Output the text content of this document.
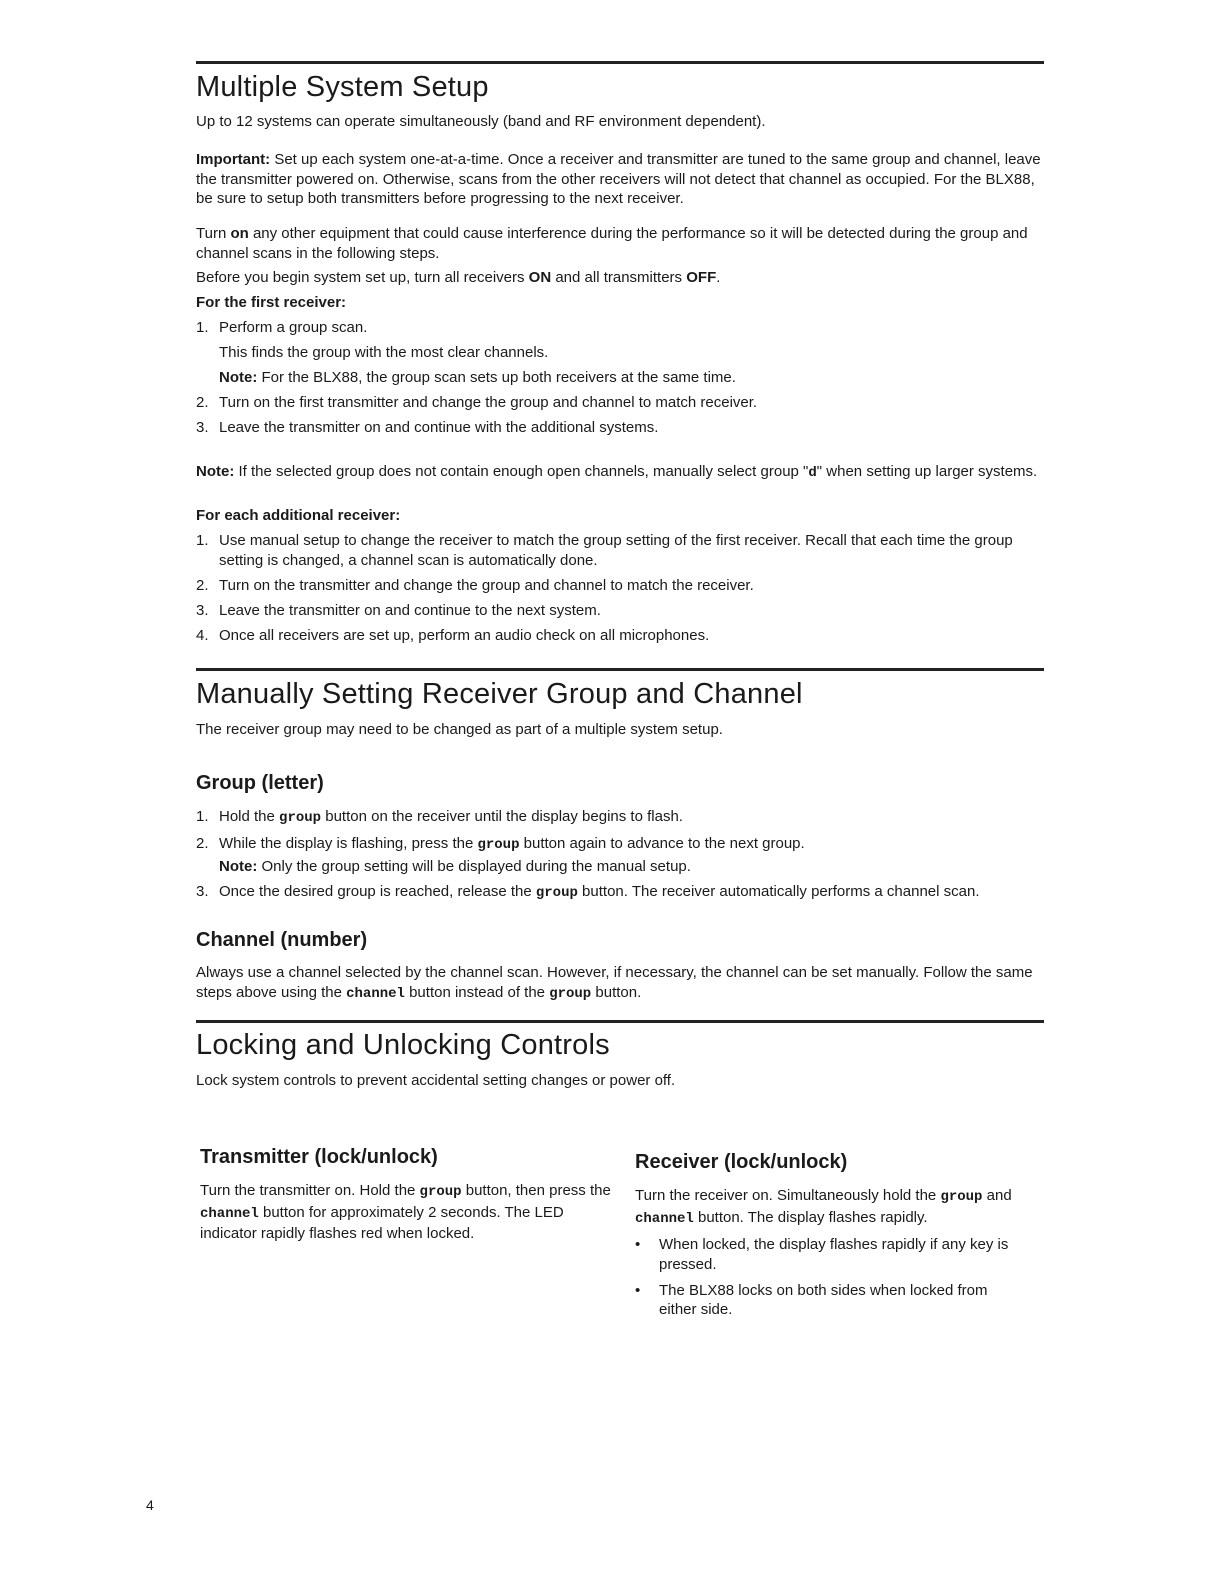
Multiple System Setup

Up to 12 systems can operate simultaneously (band and RF environment dependent).

Important: Set up each system one-at-a-time. Once a receiver and transmitter are tuned to the same group and channel, leave the transmitter powered on. Otherwise, scans from the other receivers will not detect that channel as occupied. For the BLX88, be sure to setup both transmitters before progressing to the next receiver.

Turn on any other equipment that could cause interference during the performance so it will be detected during the group and channel scans in the following steps.

Before you begin system set up, turn all receivers ON and all transmitters OFF.

For the first receiver:

1. Perform a group scan.

This finds the group with the most clear channels.

Note: For the BLX88, the group scan sets up both receivers at the same time.

2. Turn on the first transmitter and change the group and channel to match receiver.
3. Leave the transmitter on and continue with the additional systems.

Note: If the selected group does not contain enough open channels, manually select group "d" when setting up larger systems.

For each additional receiver:

1. Use manual setup to change the receiver to match the group setting of the first receiver. Recall that each time the group setting is changed, a channel scan is automatically done.
2. Turn on the transmitter and change the group and channel to match the receiver.
3. Leave the transmitter on and continue to the next system.
4. Once all receivers are set up, perform an audio check on all microphones.
Manually Setting Receiver Group and Channel

The receiver group may need to be changed as part of a multiple system setup.

Group (letter)
1. Hold the group button on the receiver until the display begins to flash.
2. While the display is flashing, press the group button again to advance to the next group.

Note: Only the group setting will be displayed during the manual setup.

3. Once the desired group is reached, release the group button. The receiver automatically performs a channel scan.
Channel (number)

Always use a channel selected by the channel scan. However, if necessary, the channel can be set manually. Follow the same steps above using the channel button instead of the group button.

Locking and Unlocking Controls

Lock system controls to prevent accidental setting changes or power off.

Transmitter (lock/unlock)

Turn the transmitter on. Hold the group button, then press the channel button for approximately 2 seconds. The LED indicator rapidly flashes red when locked.

Receiver (lock/unlock)

Turn the receiver on. Simultaneously hold the group and channel button. The display flashes rapidly.

• When locked, the display flashes rapidly if any key is pressed.
• The BLX88 locks on both sides when locked from either side.
4
